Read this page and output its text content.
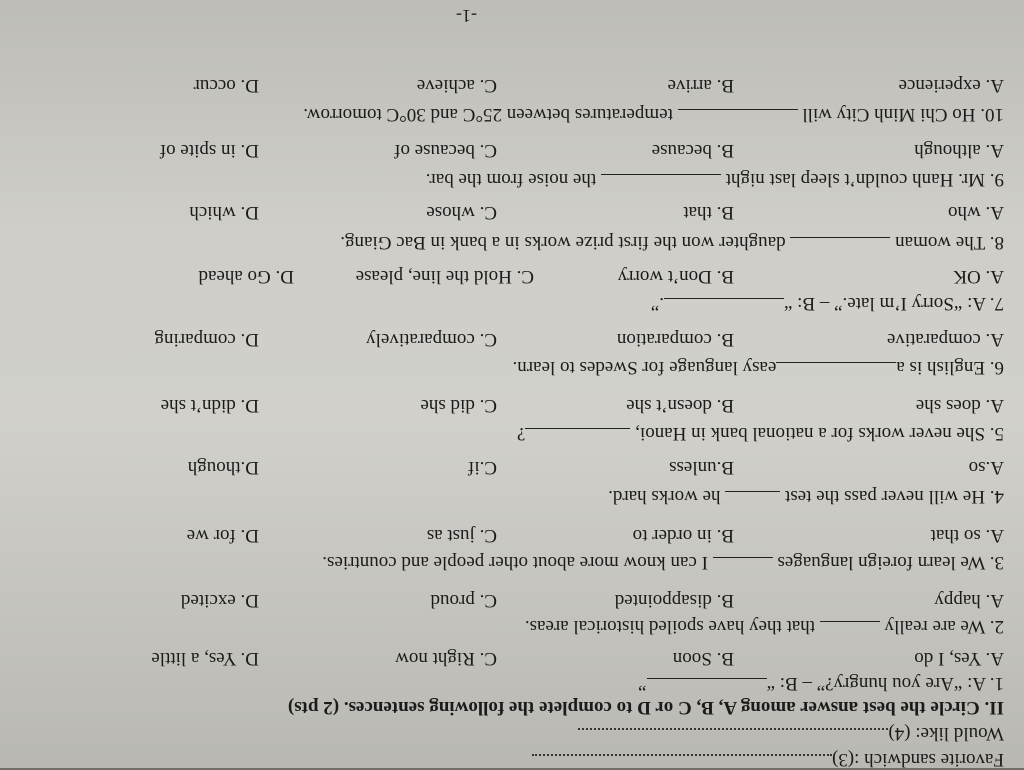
Favorite sandwich :(3)
Would like: (4)
II. Circle the best answer among A, B, C or D to complete the following sentences. (2 pts)
1. A: “Are you hungry?” – B: “”
A. Yes, I do
B. Soon
C. Right now
D. Yes, a little
2. We are really  that they have spoiled historical areas.
A. happy
B. disappointed
C. proud
D. excited
3. We learn foreign languages  I can know more about other people and countries.
A. so that
B. in order to
C. just as
D. for we
4. He will never pass the test  he works hard.
A.so
B.unless
C.if
D.though
5. She never works for a national bank in Hanoi, ?
A. does she
B. doesn’t she
C. did she
D. didn’t she
6. English is aeasy language for Swedes to learn.
A. comparative
B. comparation
C. comparatively
D. comparing
7. A: “Sorry I’m late.” – B: “.”
A. OK
B. Don’t worry
C. Hold the line, please
D. Go ahead
8. The woman  daughter won the first prize works in a bank in Bac Giang.
A. who
B. that
C. whose
D. which
9. Mr. Hanh couldn’t sleep last night  the noise from the bar.
A. although
B. because
C. because of
D. in spite of
10. Ho Chi Minh City will  temperatures between 25°C and 30°C tomorrow.
A. experience
B. arrive
C. achieve
D. occur
-1-
